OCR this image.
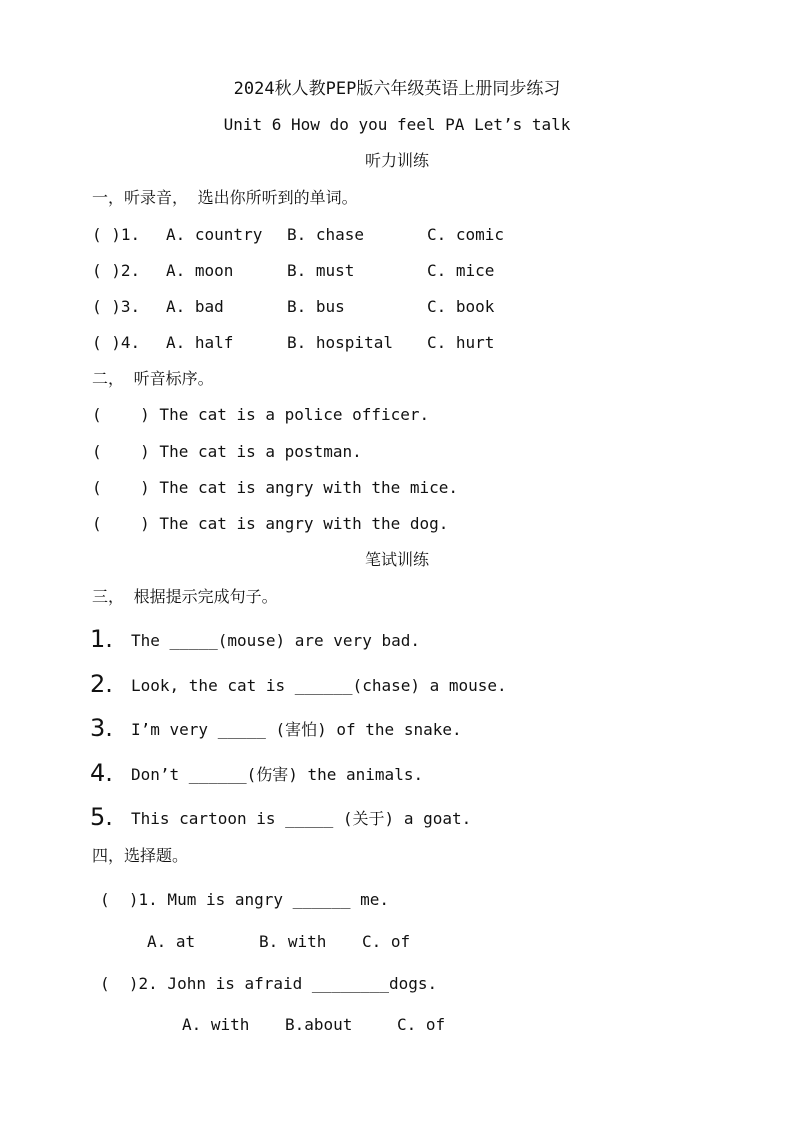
2024秋人教PEP版六年级英语上册同步练习
Unit 6 How do you feel PA Let’s talk
听力训练
一，听录音， 选出你所听到的单词。
( )1. A. country B. chase	C. comic
( )2. A. moon	B. must	C. mice
( )3. A. bad	B. bus	C. book
( )4. A. half	B. hospital C. hurt
二， 听音标序。
(    ) The cat is a police officer.
(    ) The cat is a postman.
(    ) The cat is angry with the mice.
(    ) The cat is angry with the dog.
笔试训练
三， 根据提示完成句子。
1. The _____(mouse) are very bad.
2. Look, the cat is ______(chase) a mouse.
3. I’m very _____ (害怕) of the snake.
4. Don’t ______(伤害) the animals.
5. This cartoon is _____ (关于) a goat.
四，选择题。
(  )1. Mum is angry ______ me.
A. at	B. with C. of
(  )2. John is afraid ________dogs.
A. with B.about	C. of
